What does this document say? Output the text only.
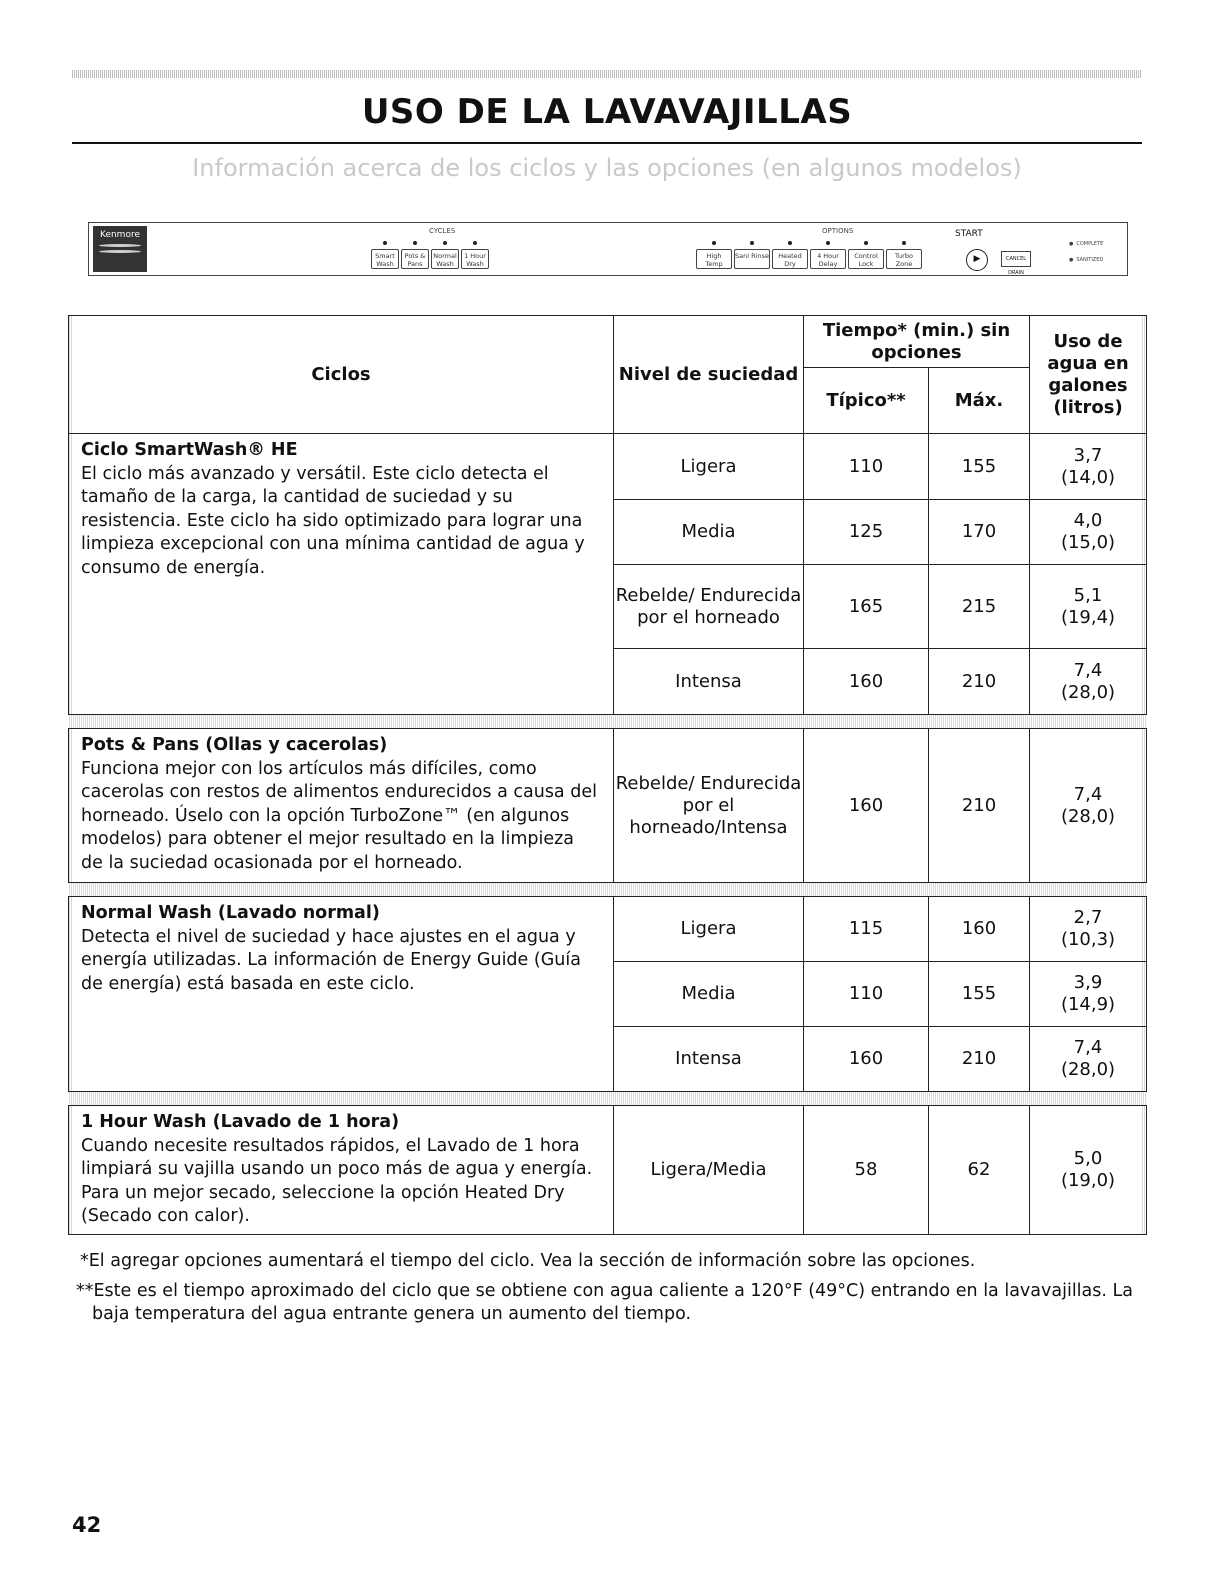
USO DE LA LAVAVAJILLAS
Información acerca de los ciclos y las opciones (en algunos modelos)
Kenmore	CYCLES	OPTIONS	START
Smart Wash
Pots & Pans
Normal Wash
1 Hour Wash
High Temp
Sani Rinse	Heated Dry
4 Hour Delay
Control Lock
Turbo Zone	▶	CANCEL DRAIN
● COMPLETE
● SANITIZED
Ciclos	Nivel de suciedad	Tiempo* (min.) sin opciones		Uso de agua en galones (litros)
		Típico**	Máx.	

Ciclo SmartWash® HE
El ciclo más avanzado y versátil. Este ciclo detecta el tamaño de la carga, la cantidad de suciedad y su resistencia. Este ciclo ha sido optimizado para lograr una limpieza excepcional con una mínima cantidad de agua y consumo de energía.	Ligera	110	155	3,7
(14,0)
	Media	125	170	4,0
(15,0)
	Rebelde/ Endurecida por el horneado	165	215	5,1
(19,4)
	Intensa	160	210	7,4
(28,0)

Pots & Pans (Ollas y cacerolas)
Funciona mejor con los artículos más difíciles, como cacerolas con restos de alimentos endurecidos a causa del horneado. Úselo con la opción TurboZone™ (en algunos modelos) para obtener el mejor resultado en la limpieza de la suciedad ocasionada por el horneado.	Rebelde/ Endurecida por el horneado/Intensa	160	210	7,4
(28,0)

Normal Wash (Lavado normal)
Detecta el nivel de suciedad y hace ajustes en el agua y energía utilizadas. La información de Energy Guide (Guía de energía) está basada en este ciclo.	Ligera	115	160	2,7
(10,3)
	Media	110	155	3,9
(14,9)
	Intensa	160	210	7,4
(28,0)

1 Hour Wash (Lavado de 1 hora)
Cuando necesite resultados rápidos, el Lavado de 1 hora limpiará su vajilla usando un poco más de agua y energía. Para un mejor secado, seleccione la opción Heated Dry (Secado con calor).	Ligera/Media	58	62	5,0
(19,0)

*El agregar opciones aumentará el tiempo del ciclo. Vea la sección de información sobre las opciones.

**Este es el tiempo aproximado del ciclo que se obtiene con agua caliente a 120°F (49°C) entrando en la lavavajillas. La baja temperatura del agua entrante genera un aumento del tiempo.

42
